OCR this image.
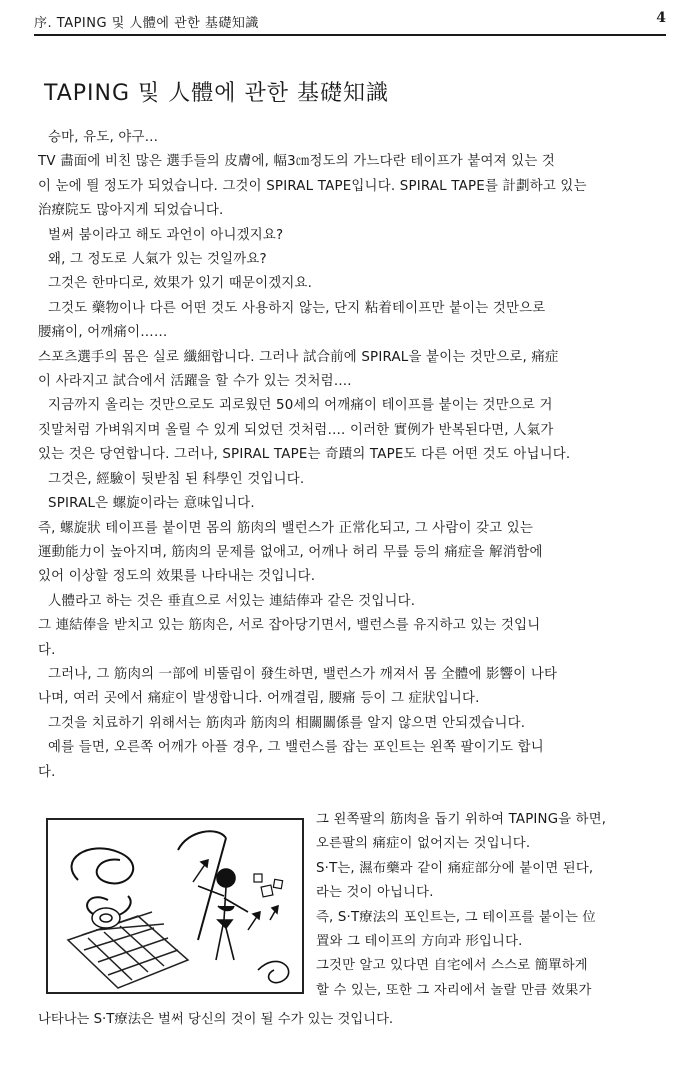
序. TAPING 및 人體에 관한 基礎知識	4
TAPING 및 人體에 관한 基礎知識

승마, 유도, 야구…

TV 畵面에 비친 많은 選手들의 皮膚에, 幅3㎝정도의 가느다란 테이프가 붙여져 있는 것
이 눈에 띌 정도가 되었습니다. 그것이 SPIRAL TAPE입니다. SPIRAL TAPE를 計劃하고 있는
治療院도 많아지게 되었습니다.

벌써 붐이라고 해도 과언이 아니겠지요?

왜, 그 정도로 人氣가 있는 것일까요?

그것은 한마디로, 效果가 있기 때문이겠지요.

그것도 藥物이나 다른 어떤 것도 사용하지 않는, 단지 粘着테이프만 붙이는 것만으로
腰痛이, 어깨痛이……

스포츠選手의 몸은 실로 纖細합니다. 그러나 試合前에 SPIRAL을 붙이는 것만으로, 痛症
이 사라지고 試合에서 活躍을 할 수가 있는 것처럼….

지금까지 올리는 것만으로도 괴로웠던 50세의 어깨痛이 테이프를 붙이는 것만으로 거
짓말처럼 가벼워지며 올릴 수 있게 되었던 것처럼…. 이러한 實例가 반복된다면, 人氣가
있는 것은 당연합니다. 그러나, SPIRAL TAPE는 奇蹟의 TAPE도 다른 어떤 것도 아닙니다.

그것은, 經驗이 뒷받침 된 科學인 것입니다.

SPIRAL은 螺旋이라는 意味입니다.

즉, 螺旋狀 테이프를 붙이면 몸의 筋肉의 밸런스가 正常化되고, 그 사람이 갖고 있는
運動能力이 높아지며, 筋肉의 문제를 없애고, 어깨나 허리 무릎 등의 痛症을 解消함에
있어 이상할 정도의 效果를 나타내는 것입니다.

人體라고 하는 것은 垂直으로 서있는 連結俸과 같은 것입니다.

그 連結俸을 받치고 있는 筋肉은, 서로 잡아당기면서, 밸런스를 유지하고 있는 것입니
다.

그러나, 그 筋肉의 一部에 비뚤림이 發生하면, 밸런스가 깨져서 몸 全體에 影響이 나타
나며, 여러 곳에서 痛症이 발생합니다. 어깨결림, 腰痛 등이 그 症狀입니다.

그것을 치료하기 위해서는 筋肉과 筋肉의 相關關係를 알지 않으면 안되겠습니다.

예를 들면, 오른쪽 어깨가 아플 경우, 그 밸런스를 잡는 포인트는 왼쪽 팔이기도 합니
다.

그 왼쪽팔의 筋肉을 돕기 위하여 TAPING을 하면,
오른팔의 痛症이 없어지는 것입니다.

S·T는, 濕布藥과 같이 痛症部分에 붙이면 된다,
라는 것이 아닙니다.

즉, S·T療法의 포인트는, 그 테이프를 붙이는 位
置와 그 테이프의 方向과 形입니다.

그것만 알고 있다면 自宅에서 스스로 簡單하게
할 수 있는, 또한 그 자리에서 놀랄 만큼 效果가

나타나는 S·T療法은 벌써 당신의 것이 될 수가 있는 것입니다.
